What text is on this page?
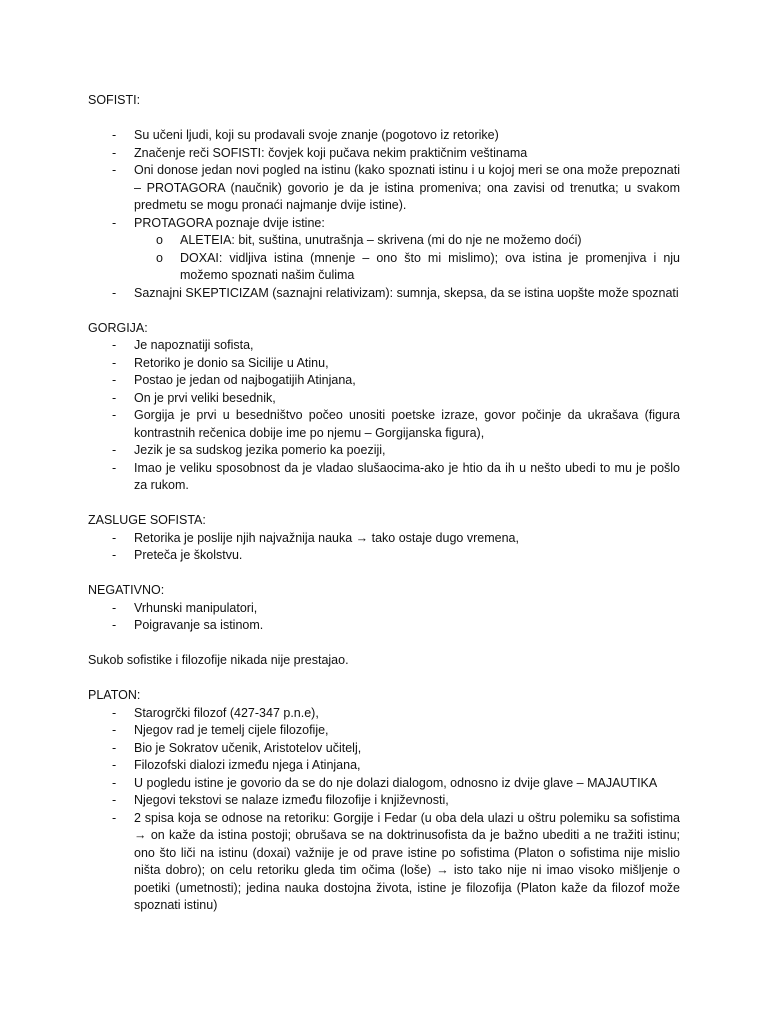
SOFISTI:

- Su učeni ljudi, koji su prodavali svoje znanje (pogotovo iz retorike)
- Značenje reči SOFISTI: čovjek koji pučava nekim praktičnim veštinama
- Oni donose jedan novi pogled na istinu (kako spoznati istinu i u kojoj meri se ona može prepoznati – PROTAGORA (naučnik) govorio je da je istina promeniva; ona zavisi od trenutka; u svakom predmetu se mogu pronaći najmanje dvije istine).
- PROTAGORA poznaje dvije istine:
o ALETEIA: bit, suština, unutrašnja – skrivena (mi do nje ne možemo doći)
o DOXAI: vidljiva istina (mnenje – ono što mi mislimo); ova istina je promenjiva i nju možemo spoznati našim čulima
- Saznajni SKEPTICIZAM (saznajni relativizam): sumnja, skepsa, da se istina uopšte može spoznati

GORGIJA:

- Je napoznatiji sofista,
- Retoriko je donio sa Sicilije u Atinu,
- Postao je jedan od najbogatijih Atinjana,
- On je prvi veliki besednik,
- Gorgija je prvi u besedništvo počeo unositi poetske izraze, govor počinje da ukrašava (figura kontrastnih rečenica dobije ime po njemu – Gorgijanska figura),
- Jezik je sa sudskog jezika pomerio ka poeziji,
- Imao je veliku sposobnost da je vladao slušaocima-ako je htio da ih u nešto ubedi to mu je pošlo za rukom.

ZASLUGE SOFISTA:

- Retorika je poslije njih najvažnija nauka → tako ostaje dugo vremena,
- Preteča je školstvu.

NEGATIVNO:

- Vrhunski manipulatori,
- Poigravanje sa istinom.

Sukob sofistike i filozofije nikada nije prestajao.

PLATON:

- Starogrčki filozof (427-347 p.n.e),
- Njegov rad je temelj cijele filozofije,
- Bio je Sokratov učenik, Aristotelov učitelj,
- Filozofski dialozi između njega i Atinjana,
- U pogledu istine je govorio da se do nje dolazi dialogom, odnosno iz dvije glave – MAJAUTIKA
- Njegovi tekstovi se nalaze između filozofije i književnosti,
- 2 spisa koja se odnose na retoriku: Gorgije i Fedar (u oba dela ulazi u oštru polemiku sa sofistima → on kaže da istina postoji; obrušava se na doktrinusofista da je bažno ubediti a ne tražiti istinu; ono što liči na istinu (doxai) važnije je od prave istine po sofistima (Platon o sofistima nije mislio ništa dobro); on celu retoriku gleda tim očima (loše) → isto tako nije ni imao visoko mišljenje o poetiki (umetnosti); jedina nauka dostojna života, istine je filozofija (Platon kaže da filozof može spoznati istinu)
